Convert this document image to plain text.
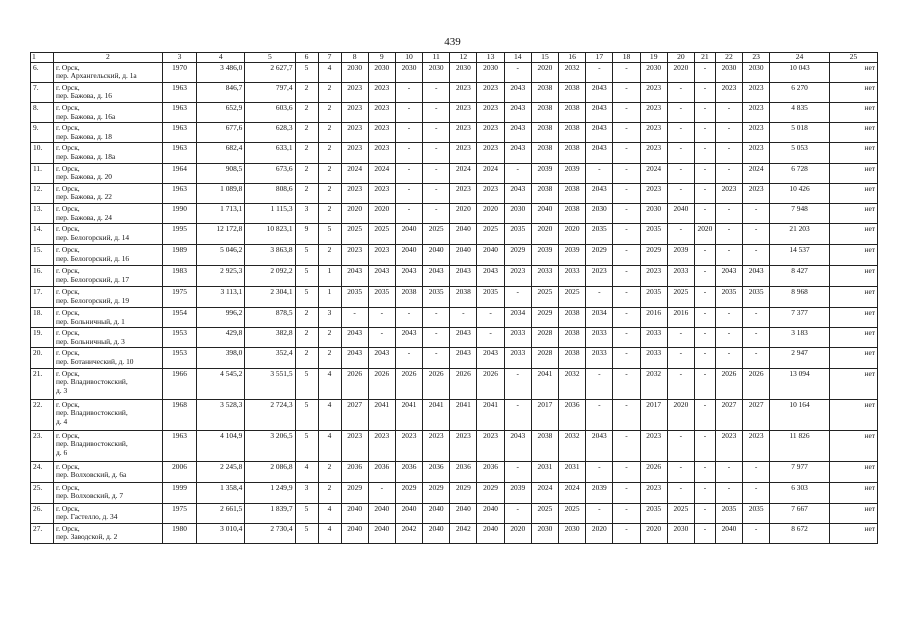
439
1	2	3	4	5	6	7	8	9	10	11	12	13	14	15	16	17	18	19	20	21	22	23	24	25
6.	г. Орск,
пер. Архангельский, д. 1а	1970	3 486,0	2 627,7	5	4	2030	2030	2030	2030	2030	2030	-	2020	2032	-	-	2030	2020	-	2030	2030	10 043	нет
7.	г. Орск,
пер. Бажова, д. 16	1963	846,7	797,4	2	2	2023	2023	-	-	2023	2023	2043	2038	2038	2043	-	2023	-	-	2023	2023	6 270	нет
8.	г. Орск,
пер. Бажова, д. 16а	1963	652,9	603,6	2	2	2023	2023	-	-	2023	2023	2043	2038	2038	2043	-	2023	-	-	-	2023	4 835	нет
9.	г. Орск,
пер. Бажова, д. 18	1963	677,6	628,3	2	2	2023	2023	-	-	2023	2023	2043	2038	2038	2043	-	2023	-	-	-	2023	5 018	нет
10.	г. Орск,
пер. Бажова, д. 18а	1963	682,4	633,1	2	2	2023	2023	-	-	2023	2023	2043	2038	2038	2043	-	2023	-	-	-	2023	5 053	нет
11.	г. Орск,
пер. Бажова, д. 20	1964	908,5	673,6	2	2	2024	2024	-	-	2024	2024	-	2039	2039	-	-	2024	-	-	-	2024	6 728	нет
12.	г. Орск,
пер. Бажова, д. 22	1963	1 089,8	808,6	2	2	2023	2023	-	-	2023	2023	2043	2038	2038	2043	-	2023	-	-	2023	2023	10 426	нет
13.	г. Орск,
пер. Бажова, д. 24	1990	1 713,1	1 115,3	3	2	2020	2020	-	-	2020	2020	2030	2040	2038	2030	-	2030	2040	-	-	-	7 948	нет
14.	г. Орск,
пер. Белогорский, д. 14	1995	12 172,8	10 823,1	9	5	2025	2025	2040	2025	2040	2025	2035	2020	2020	2035	-	2035	-	2020	-	-	21 203	нет
15.	г. Орск,
пер. Белогорский, д. 16	1989	5 046,2	3 863,8	5	2	2023	2023	2040	2040	2040	2040	2029	2039	2039	2029	-	2029	2039	-	-	-	14 537	нет
16.	г. Орск,
пер. Белогорский, д. 17	1983	2 925,3	2 092,2	5	1	2043	2043	2043	2043	2043	2043	2023	2033	2033	2023	-	2023	2033	-	2043	2043	8 427	нет
17.	г. Орск,
пер. Белогорский, д. 19	1975	3 113,1	2 304,1	5	1	2035	2035	2038	2035	2038	2035	-	2025	2025	-	-	2035	2025	-	2035	2035	8 968	нет
18.	г. Орск,
пер. Больничный, д. 1	1954	996,2	878,5	2	3	-	-	-	-	-	-	2034	2029	2038	2034	-	2016	2016	-	-	-	7 377	нет
19.	г. Орск,
пер. Больничный, д. 3	1953	429,8	382,8	2	2	2043	-	2043	-	2043	-	2033	2028	2038	2033	-	2033	-	-	-	-	3 183	нет
20.	г. Орск,
пер. Ботанический, д. 10	1953	398,0	352,4	2	2	2043	2043	-	-	2043	2043	2033	2028	2038	2033	-	2033	-	-	-	-	2 947	нет
21.	г. Орск,
пер. Владивостокский,
д. 3	1966	4 545,2	3 551,5	5	4	2026	2026	2026	2026	2026	2026	-	2041	2032	-	-	2032	-	-	2026	2026	13 094	нет
22.	г. Орск,
пер. Владивостокский,
д. 4	1968	3 528,3	2 724,3	5	4	2027	2041	2041	2041	2041	2041	-	2017	2036	-	-	2017	2020	-	2027	2027	10 164	нет
23.	г. Орск,
пер. Владивостокский,
д. 6	1963	4 104,9	3 206,5	5	4	2023	2023	2023	2023	2023	2023	2043	2038	2032	2043	-	2023	-	-	2023	2023	11 826	нет
24.	г. Орск,
пер. Волховский, д. 6а	2006	2 245,8	2 086,8	4	2	2036	2036	2036	2036	2036	2036	-	2031	2031	-	-	2026	-	-	-	-	7 977	нет
25.	г. Орск,
пер. Волховский, д. 7	1999	1 358,4	1 249,9	3	2	2029	-	2029	2029	2029	2029	2039	2024	2024	2039	-	2023	-	-	-	-	6 303	нет
26.	г. Орск,
пер. Гастелло, д. 34	1975	2 661,5	1 839,7	5	4	2040	2040	2040	2040	2040	2040	-	2025	2025	-	-	2035	2025	-	2035	2035	7 667	нет
27.	г. Орск,
пер. Заводской, д. 2	1980	3 010,4	2 730,4	5	4	2040	2040	2042	2040	2042	2040	2020	2030	2030	2020	-	2020	2030	-	2040	-	8 672	нет
